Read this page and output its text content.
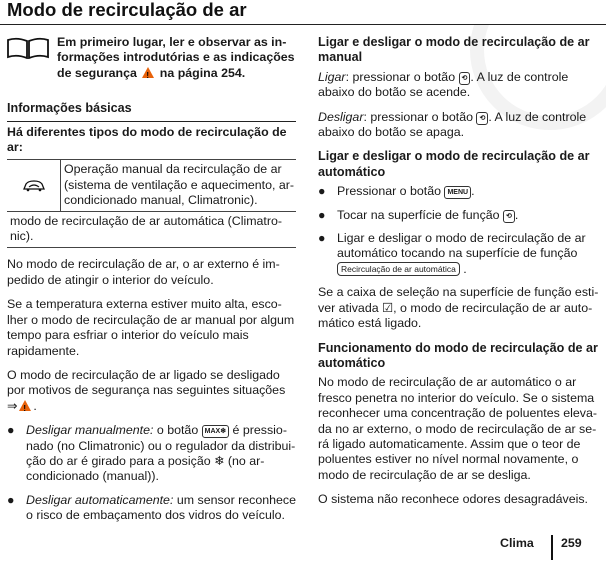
Modo de recirculação de ar
Em primeiro lugar, ler e observar as informações introdutórias e as indicações de segurança ! na página 254.
Informações básicas
Há diferentes tipos do modo de recirculação de ar:
Operação manual da recirculação de ar (sistema de ventilação e aquecimento, ar-condicionado manual, Climatronic).
modo de recirculação de ar automática (Climatronic).

No modo de recirculação de ar, o ar externo é impedido de atingir o interior do veículo.

Se a temperatura externa estiver muito alta, escolher o modo de recirculação de ar manual por algum tempo para esfriar o interior do veículo mais rapidamente.

O modo de recirculação de ar ligado se desligado por motivos de segurança nas seguintes situações ⇒ ! .

● Desligar manualmente: o botão MAX❄ é pressionado (no Climatronic) ou o regulador da distribuição do ar é girado para a posição ❄ (no ar-condicionado (manual)).
● Desligar automaticamente: um sensor reconhece o risco de embaçamento dos vidros do veículo.
Ligar e desligar o modo de recirculação de ar manual

Ligar: pressionar o botão ⟲ . A luz de controle abaixo do botão se acende.

Desligar: pressionar o botão ⟲ . A luz de controle abaixo do botão se apaga.

Ligar e desligar o modo de recirculação de ar automático
● Pressionar o botão MENU .
● Tocar na superfície de função ⟲ .
● Ligar e desligar o modo de recirculação de ar automático tocando na superfície de funçãoRecirculação de ar automática .

Se a caixa de seleção na superfície de função estiver ativada ☑, o modo de recirculação de ar automático está ligado.

Funcionamento do modo de recirculação de ar automático

No modo de recirculação de ar automático o ar fresco penetra no interior do veículo. Se o sistema reconhecer uma concentração de poluentes elevada no ar externo, o modo de recirculação de ar será ligado automaticamente. Assim que o teor de poluentes estiver no nível normal novamente, o modo de recirculação de ar se desliga.

O sistema não reconhece odores desagradáveis.

Clima 259
